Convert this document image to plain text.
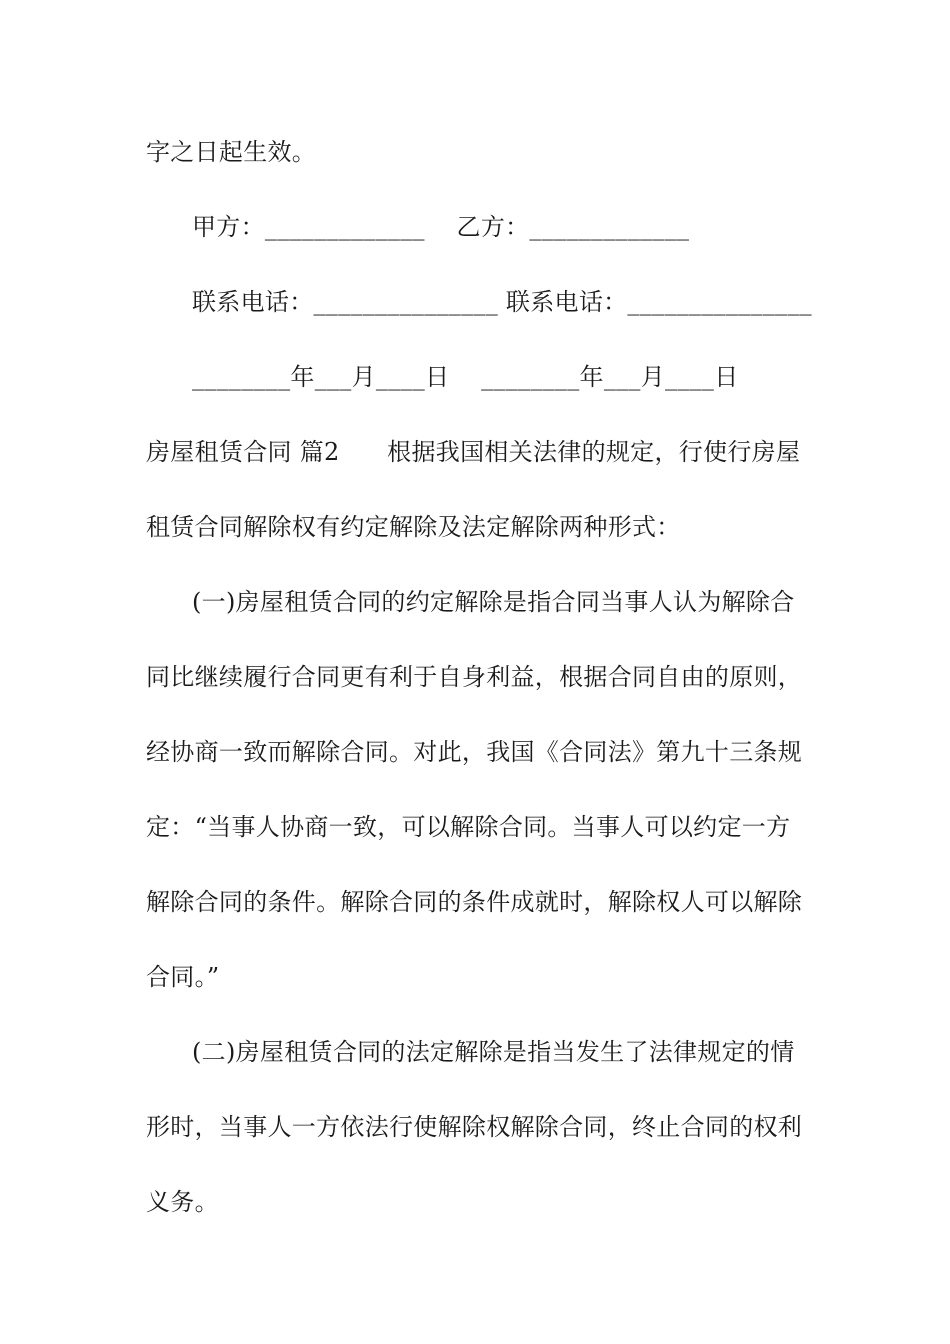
字之日起生效。
甲方：_____________    乙方：_____________
联系电话：_______________ 联系电话：_______________
________年___月____日    ________年___月____日
房屋租赁合同 篇2      根据我国相关法律的规定，行使行房屋
租赁合同解除权有约定解除及法定解除两种形式：
(一)房屋租赁合同的约定解除是指合同当事人认为解除合
同比继续履行合同更有利于自身利益，根据合同自由的原则，
经协商一致而解除合同。对此，我国《合同法》第九十三条规
定：“当事人协商一致，可以解除合同。当事人可以约定一方
解除合同的条件。解除合同的条件成就时，解除权人可以解除
合同。”
(二)房屋租赁合同的法定解除是指当发生了法律规定的情
形时，当事人一方依法行使解除权解除合同，终止合同的权利
义务。
